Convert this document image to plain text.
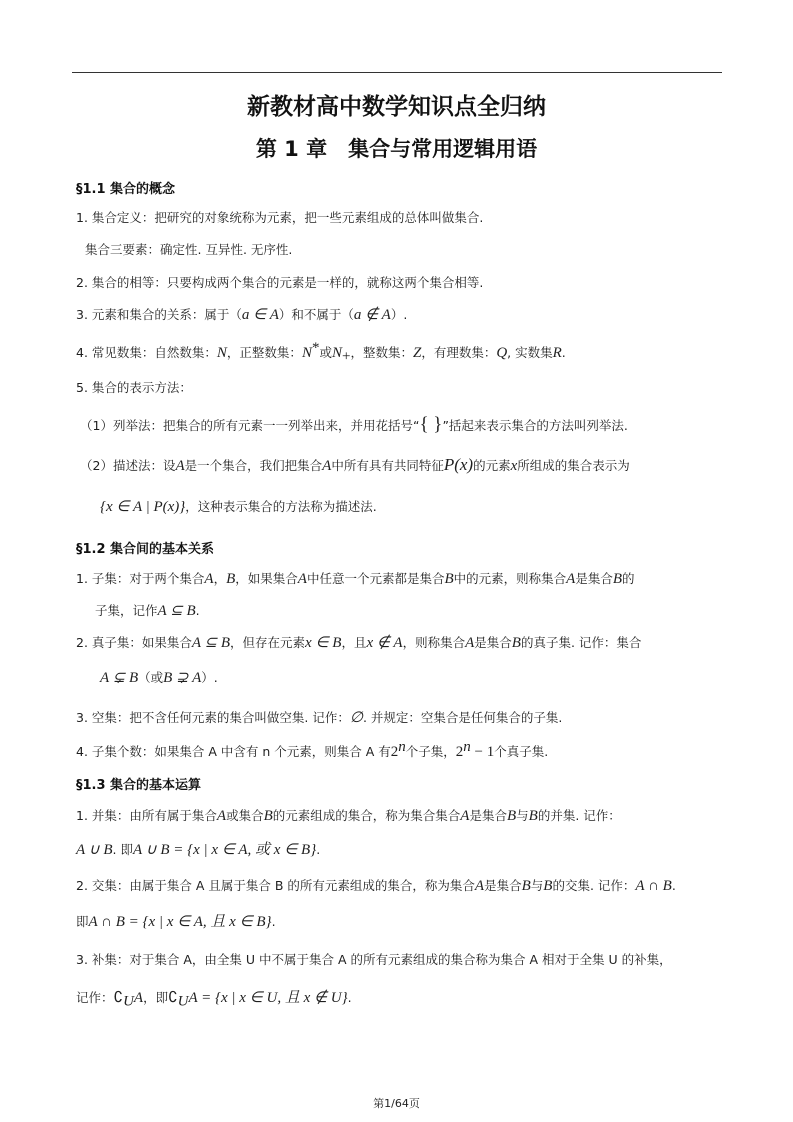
新教材高中数学知识点全归纳
第 1 章　集合与常用逻辑用语
§1.1 集合的概念
1. 集合定义：把研究的对象统称为元素，把一些元素组成的总体叫做集合.
集合三要素：确定性. 互异性. 无序性.
2. 集合的相等：只要构成两个集合的元素是一样的，就称这两个集合相等.
3. 元素和集合的关系：属于（a ∈ A）和不属于（a ∉ A）.
4. 常见数集：自然数集：N，正整数集：N*或$N_+$，整数集：Z，有理数集：Q, 实数集R.
5. 集合的表示方法：
（1）列举法：把集合的所有元素一一列举出来，并用花括号“{ }”括起来表示集合的方法叫列举法.
（2）描述法：设A是一个集合，我们把集合A中所有具有共同特征P(x)的元素x所组成的集合表示为
{x ∈ A | P(x)}，这种表示集合的方法称为描述法.
§1.2 集合间的基本关系
1. 子集：对于两个集合A，B，如果集合A中任意一个元素都是集合B中的元素，则称集合A是集合B的
子集，记作A ⊆ B.
2. 真子集：如果集合A ⊆ B，但存在元素x ∈ B，且x ∉ A，则称集合A是集合B的真子集. 记作：集合
A ⊊ B（或B ⊋ A）.
3. 空集：把不含任何元素的集合叫做空集. 记作：∅. 并规定：空集合是任何集合的子集.
4. 子集个数：如果集合 A 中含有 n 个元素，则集合 A 有2$^n$个子集，$2^n - 1$个真子集.
§1.3 集合的基本运算
1. 并集：由所有属于集合A或集合B的元素组成的集合，称为集合集合A是集合B与B的并集. 记作：
A ∪ B. 即A ∪ B = {x | x ∈ A, 或 x ∈ B}.
2. 交集：由属于集合 A 且属于集合 B 的所有元素组成的集合，称为集合A是集合B与B的交集. 记作：A ∩ B.
即A ∩ B = {x | x ∈ A, 且 x ∈ B}.
3. 补集：对于集合 A，由全集 U 中不属于集合 A 的所有元素组成的集合称为集合 A 相对于全集 U 的补集，
记作：$∁_UA$，即$∁_UA = \{x$ | x ∈ U, 且 x ∉ U}.
第1/64页
